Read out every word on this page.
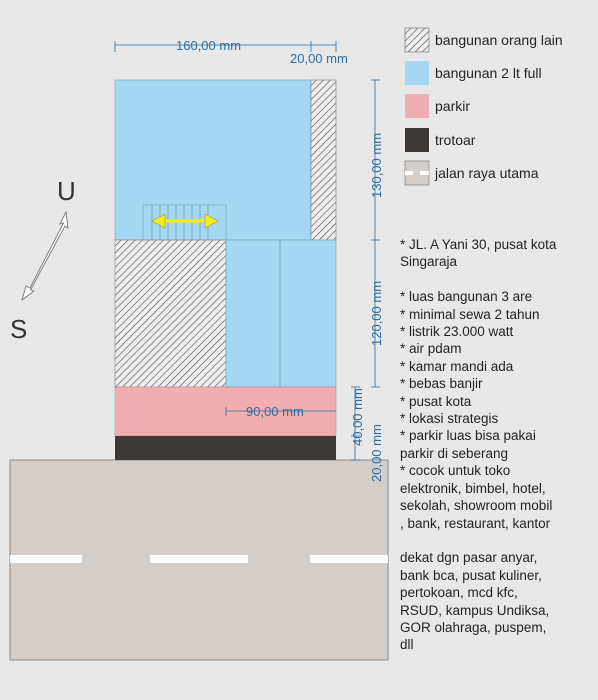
160,00 mm
20,00 mm
130,00 mm
120,00 mm
90,00 mm	40,00 mm
20,00 mm
U
S
bangunan orang lain
bangunan 2 lt full
parkir
trotoar
jalan raya utama
* JL. A Yani 30, pusat kota
Singaraja
* luas bangunan 3 are
* minimal sewa 2 tahun
* listrik 23.000 watt
* air pdam
* kamar mandi ada
* bebas banjir
* pusat kota
* lokasi strategis
* parkir luas bisa pakai
parkir di seberang
* cocok untuk toko
elektronik, bimbel, hotel,
sekolah, showroom mobil
, bank, restaurant, kantor
dekat dgn pasar anyar,
bank bca, pusat kuliner,
pertokoan, mcd kfc,
RSUD, kampus Undiksa,
GOR olahraga, puspem,
dll
